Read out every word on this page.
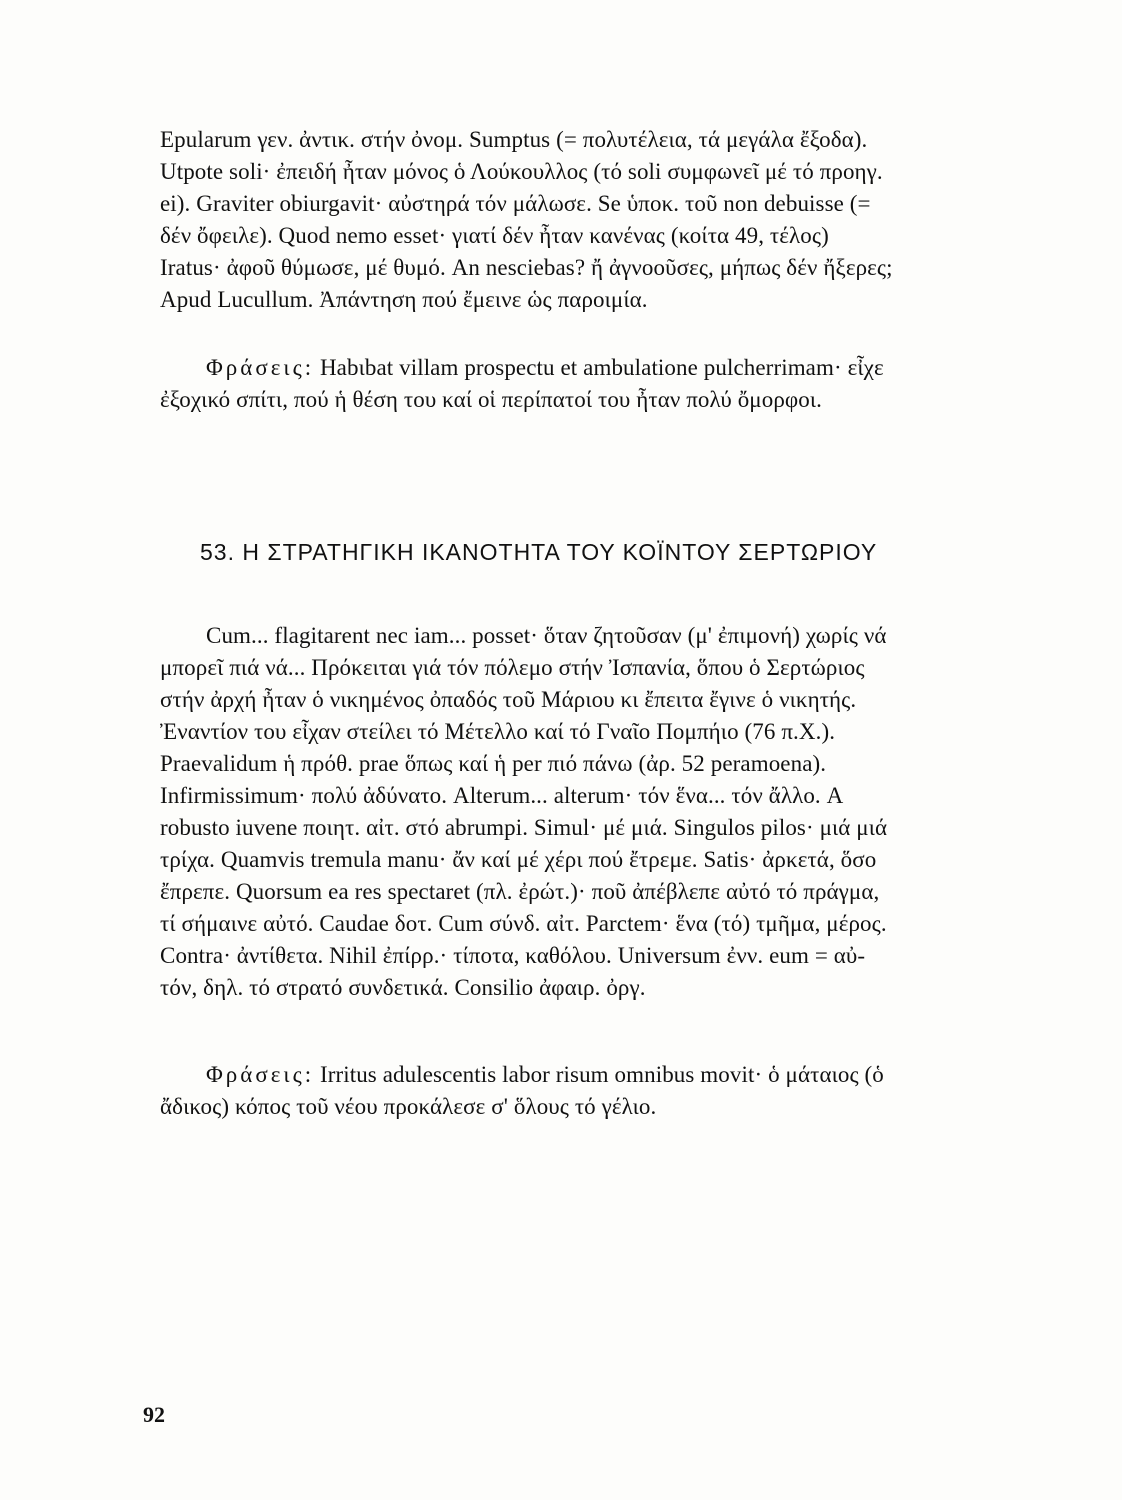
Epularum γεν. ἀντικ. στήν ὀνομ. Sumptus (= πολυτέλεια, τά μεγάλα ἔξοδα).
Utpote soli· ἐπειδή ἦταν μόνος ὁ Λούκουλλος (τό soli συμφωνεῖ μέ τό προηγ.
ei). Graviter obiurgavit· αὐστηρά τόν μάλωσε. Se ὑποκ. τοῦ non debuisse (=
δέν ὄφειλε). Quod nemo esset· γιατί δέν ἦταν κανένας (κοίτα 49, τέλος)
Iratus· ἀφοῦ θύμωσε, μέ θυμό. An nesciebas? ἤ ἀγνοοῦσες, μήπως δέν ἤξερες;
Apud Lucullum. Ἀπάντηση πού ἔμεινε ὡς παροιμία.
Φράσεις: Habιbat villam prospectu et ambulatione pulcherrimam· εἶχε
ἐξοχικό σπίτι, πού ἡ θέση του καί οἱ περίπατοί του ἦταν πολύ ὄμορφοι.
53. Η ΣΤΡΑΤΗΓΙΚΗ ΙΚΑΝΟΤΗΤΑ ΤΟΥ ΚΟΪΝΤΟΥ ΣΕΡΤΩΡΙΟΥ
Cum... flagitarent nec iam... posset· ὅταν ζητοῦσαν (μ' ἐπιμονή) χωρίς νά
μπορεῖ πιά νά... Πρόκειται γιά τόν πόλεμο στήν Ἰσπανία, ὅπου ὁ Σερτώριος
στήν ἀρχή ἦταν ὁ νικημένος ὀπαδός τοῦ Μάριου κι ἔπειτα ἔγινε ὁ νικητής.
Ἐναντίον του εἶχαν στείλει τό Μέτελλο καί τό Γναῖο Πομπήιο (76 π.Χ.).
Praevalidum ἡ πρόθ. prae ὅπως καί ἡ per πιό πάνω (ἀρ. 52 peramoena).
Infirmissimum· πολύ ἀδύνατο. Alterum... alterum· τόν ἕνα... τόν ἄλλο. A
robusto iuvene ποιητ. αἰτ. στό abrumpi. Simul· μέ μιά. Singulos pilos· μιά μιά
τρίχα. Quamvis tremula manu· ἄν καί μέ χέρι πού ἔτρεμε. Satis· ἀρκετά, ὅσο
ἔπρεπε. Quorsum ea res spectaret (πλ. ἐρώτ.)· ποῦ ἀπέβλεπε αὐτό τό πράγμα,
τί σήμαινε αὐτό. Caudae δοτ. Cum σύνδ. αἰτ. Parctem· ἕνα (τό) τμῆμα, μέρος.
Contra· ἀντίθετα. Nihil ἐπίρρ.· τίποτα, καθόλου. Universum ἐνν. eum = αὐ-
τόν, δηλ. τό στρατό συνδετικά. Consilio ἀφαιρ. ὀργ.
Φράσεις: Irritus adulescentis labor risum omnibus movit· ὁ μάταιος (ὁ
ἄδικος) κόπος τοῦ νέου προκάλεσε σ' ὅλους τό γέλιο.
92
